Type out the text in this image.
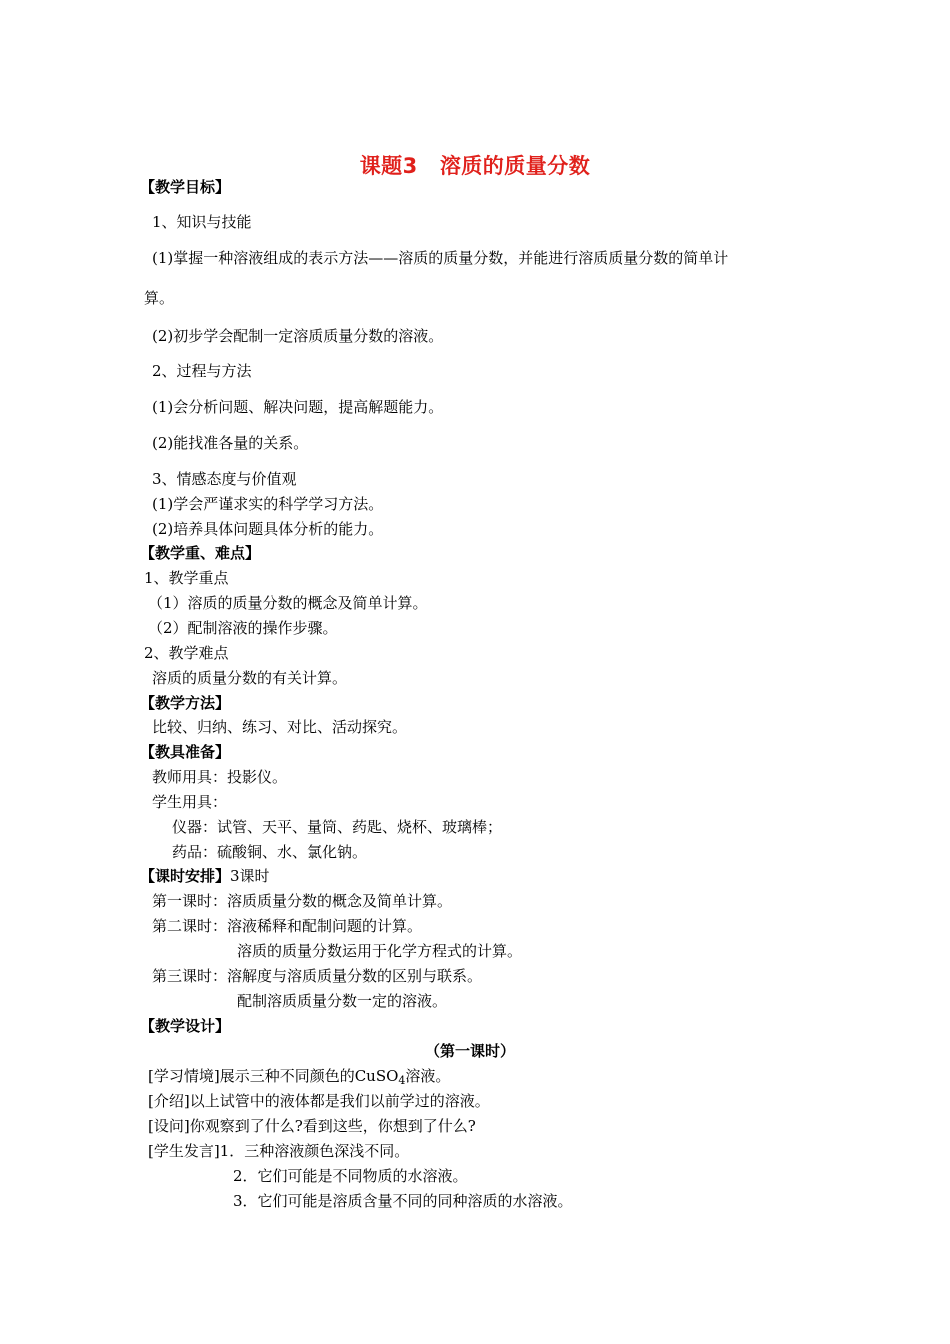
课题3 溶质的质量分数
【教学目标】
1、知识与技能
(1)掌握一种溶液组成的表示方法——溶质的质量分数，并能进行溶质质量分数的简单计
算。
(2)初步学会配制一定溶质质量分数的溶液。
2、过程与方法
(1)会分析问题、解决问题，提高解题能力。
(2)能找准各量的关系。
3、情感态度与价值观
(1)学会严谨求实的科学学习方法。
(2)培养具体问题具体分析的能力。
【教学重、难点】
1、教学重点
（1）溶质的质量分数的概念及简单计算。
（2）配制溶液的操作步骤。
2、教学难点
溶质的质量分数的有关计算。
【教学方法】
比较、归纳、练习、对比、活动探究。
【教具准备】
教师用具：投影仪。
学生用具：
仪器：试管、天平、量筒、药匙、烧杯、玻璃棒；
药品：硫酸铜、水、氯化钠。
【课时安排】3课时
第一课时：溶质质量分数的概念及简单计算。
第二课时：溶液稀释和配制问题的计算。
溶质的质量分数运用于化学方程式的计算。
第三课时：溶解度与溶质质量分数的区别与联系。
配制溶质质量分数一定的溶液。
【教学设计】
（第一课时）
[学习情境]展示三种不同颜色的CuSO$_4$溶液。
[介绍]以上试管中的液体都是我们以前学过的溶液。
[设问]你观察到了什么?看到这些，你想到了什么?
[学生发言]1．三种溶液颜色深浅不同。
2．它们可能是不同物质的水溶液。
3．它们可能是溶质含量不同的同种溶质的水溶液。
